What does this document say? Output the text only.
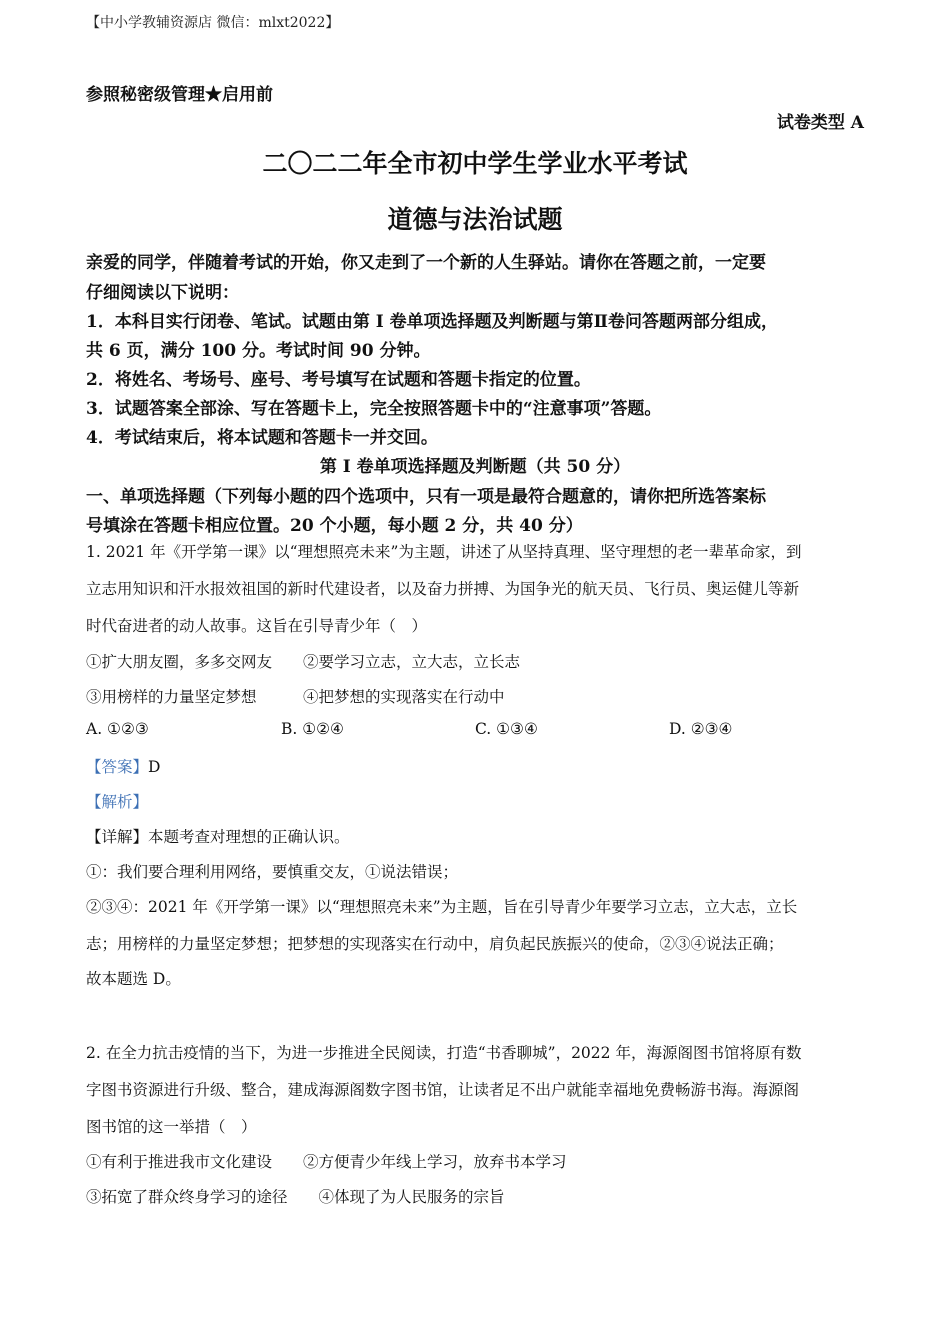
【中小学教辅资源店 微信：mlxt2022】
参照秘密级管理★启用前
试卷类型 A
二〇二二年全市初中学生学业水平考试
道德与法治试题
亲爱的同学，伴随着考试的开始，你又走到了一个新的人生驿站。请你在答题之前，一定要
仔细阅读以下说明：
1．本科目实行闭卷、笔试。试题由第 I 卷单项选择题及判断题与第Ⅱ卷问答题两部分组成，
共 6 页，满分 100 分。考试时间 90 分钟。
2．将姓名、考场号、座号、考号填写在试题和答题卡指定的位置。
3．试题答案全部涂、写在答题卡上，完全按照答题卡中的“注意事项”答题。
4．考试结束后，将本试题和答题卡一并交回。
第 I 卷单项选择题及判断题（共 50 分）
一、单项选择题（下列每小题的四个选项中，只有一项是最符合题意的，请你把所选答案标
号填涂在答题卡相应位置。20 个小题，每小题 2 分，共 40 分）
1. 2021 年《开学第一课》以“理想照亮未来”为主题，讲述了从坚持真理、坚守理想的老一辈革命家，到
立志用知识和汗水报效祖国的新时代建设者，以及奋力拼搏、为国争光的航天员、飞行员、奥运健儿等新
时代奋进者的动人故事。这旨在引导青少年（　）
①扩大朋友圈，多多交网友　　②要学习立志，立大志，立长志
③用榜样的力量坚定梦想　　　④把梦想的实现落实在行动中
A. ①②③	B. ①②④	C. ①③④	D. ②③④
【答案】D
【解析】
【详解】本题考查对理想的正确认识。
①：我们要合理利用网络，要慎重交友，①说法错误；
②③④：2021 年《开学第一课》以“理想照亮未来”为主题，旨在引导青少年要学习立志，立大志，立长
志；用榜样的力量坚定梦想；把梦想的实现落实在行动中，肩负起民族振兴的使命，②③④说法正确；
故本题选 D。
2. 在全力抗击疫情的当下，为进一步推进全民阅读，打造“书香聊城”，2022 年，海源阁图书馆将原有数
字图书资源进行升级、整合，建成海源阁数字图书馆，让读者足不出户就能幸福地免费畅游书海。海源阁
图书馆的这一举措（　）
①有利于推进我市文化建设　　②方便青少年线上学习，放弃书本学习
③拓宽了群众终身学习的途径　　④体现了为人民服务的宗旨
